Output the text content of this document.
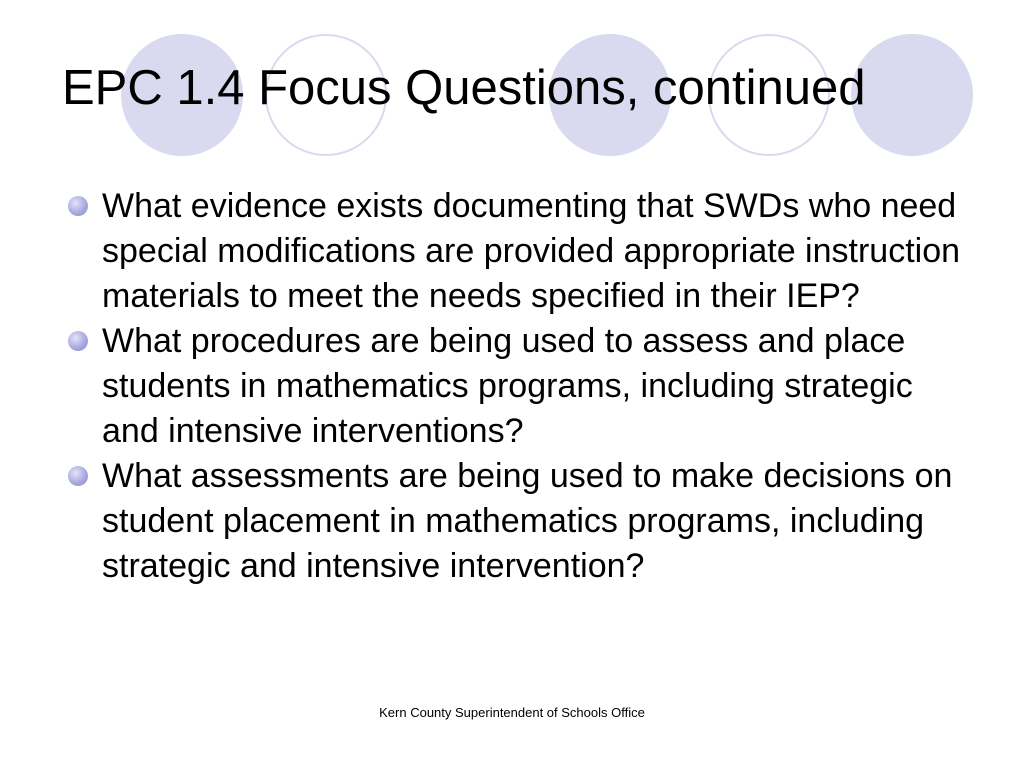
EPC 1.4 Focus Questions, continued
What evidence exists documenting that SWDs who need special modifications are provided appropriate instruction materials to meet the needs specified in their IEP?
What procedures are being used to assess and place students in mathematics programs, including strategic and intensive interventions?
What assessments are being used to make decisions on student placement in mathematics programs, including strategic and intensive intervention?
Kern County Superintendent of Schools Office
